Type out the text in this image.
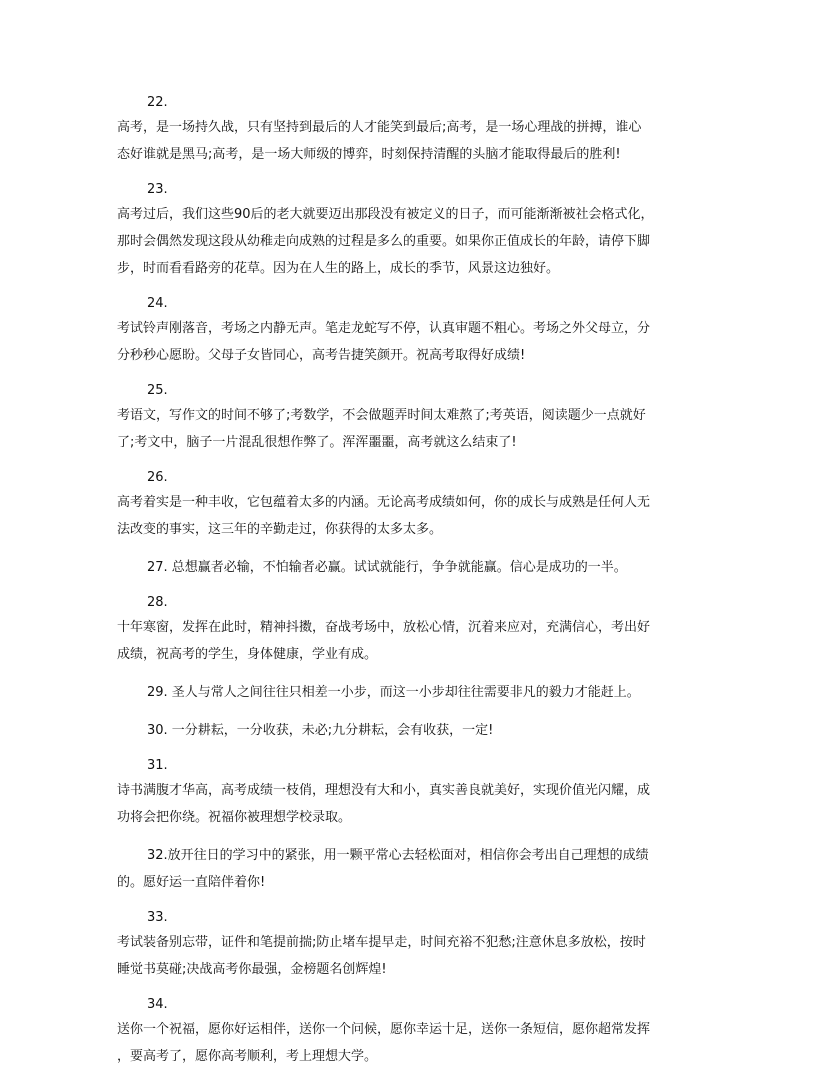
22.
高考，是一场持久战，只有坚持到最后的人才能笑到最后;高考，是一场心理战的拼搏，谁心
态好谁就是黑马;高考，是一场大师级的博弈，时刻保持清醒的头脑才能取得最后的胜利!
23.
高考过后，我们这些90后的老大就要迈出那段没有被定义的日子，而可能渐渐被社会格式化，
那时会偶然发现这段从幼稚走向成熟的过程是多么的重要。如果你正值成长的年龄，请停下脚
步，时而看看路旁的花草。因为在人生的路上，成长的季节，风景这边独好。
24.
考试铃声刚落音，考场之内静无声。笔走龙蛇写不停，认真审题不粗心。考场之外父母立，分
分秒秒心愿盼。父母子女皆同心，高考告捷笑颜开。祝高考取得好成绩!
25.
考语文，写作文的时间不够了;考数学，不会做题弄时间太难熬了;考英语，阅读题少一点就好
了;考文中，脑子一片混乱很想作弊了。浑浑噩噩，高考就这么结束了!
26.
高考着实是一种丰收，它包蕴着太多的内涵。无论高考成绩如何，你的成长与成熟是任何人无
法改变的事实，这三年的辛勤走过，你获得的太多太多。
27. 总想赢者必输，不怕输者必赢。试试就能行，争争就能赢。信心是成功的一半。
28.
十年寒窗，发挥在此时，精神抖擞，奋战考场中，放松心情，沉着来应对，充满信心，考出好
成绩，祝高考的学生，身体健康，学业有成。
29. 圣人与常人之间往往只相差一小步，而这一小步却往往需要非凡的毅力才能赶上。
30. 一分耕耘，一分收获，未必;九分耕耘，会有收获，一定!
31.
诗书满腹才华高，高考成绩一枝俏，理想没有大和小，真实善良就美好，实现价值光闪耀，成
功将会把你绕。祝福你被理想学校录取。
32.放开往日的学习中的紧张，用一颗平常心去轻松面对，相信你会考出自己理想的成绩
的。愿好运一直陪伴着你!
33.
考试装备别忘带，证件和笔提前揣;防止堵车提早走，时间充裕不犯愁;注意休息多放松，按时
睡觉书莫碰;决战高考你最强，金榜题名创辉煌!
34.
送你一个祝福，愿你好运相伴，送你一个问候，愿你幸运十足，送你一条短信，愿你超常发挥
，要高考了，愿你高考顺利，考上理想大学。
